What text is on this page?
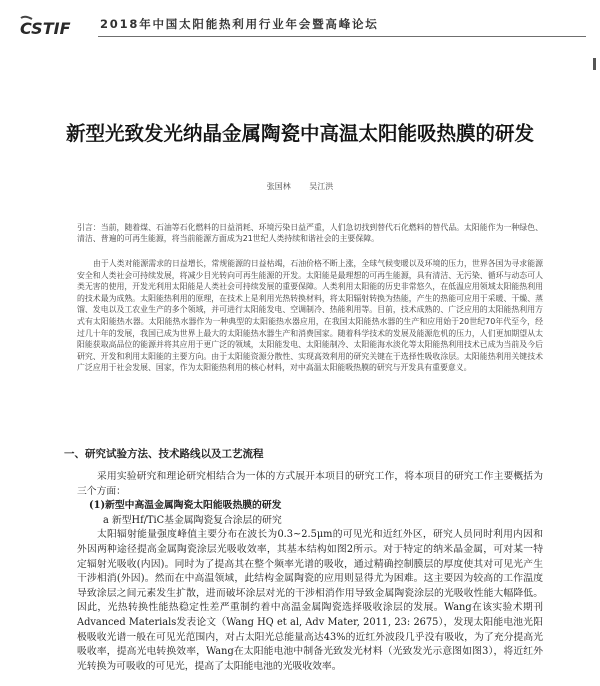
CSTIF	2018年中国太阳能热利用行业年会暨高峰论坛
新型光致发光纳晶金属陶瓷中高温太阳能吸热膜的研发
张国林 吴江洪

引言：当前，随着煤、石油等石化燃料的日益消耗、环境污染日益严重，人们急切找到替代石化燃料的替代品。太阳能作为一种绿色、清洁、普遍的可再生能源，将当前能源方面成为21世纪人类持续和谐社会的主要保障。

由于人类对能源需求的日益增长，常规能源的日益枯竭，石油价格不断上涨，全球气候变暖以及环境的压力，世界各国为寻求能源安全和人类社会可持续发展，将减少目光转向可再生能源的开发。太阳能是最理想的可再生能源，具有清洁、无污染、循环与动态可人类无害的使用，开发光利用太阳能是人类社会可持续发展的重要保障。人类利用太阳能的历史非常悠久，在低温应用领域太阳能热利用的技术最为成熟。太阳能热利用的原理，在技术上是利用光热转换材料，将太阳辐射转换为热能，产生的热能可应用于采暖、干燥、蒸馏、发电以及工农业生产的多个领域，并可进行太阳能发电、空调制冷、热能利用等。目前，技术成熟的、广泛应用的太阳能热利用方式有太阳能热水器。太阳能热水器作为一种典型的太阳能热水器应用，在我国太阳能热水器的生产和应用始于20世纪70年代至今，经过几十年的发展，我国已成为世界上最大的太阳能热水器生产和消费国家。随着科学技术的发展及能源危机的压力，人们更加期望从太阳能获取高品位的能源并将其应用于更广泛的领域，太阳能发电、太阳能制冷、太阳能海水淡化等太阳能热利用技术已成为当前及今后研究、开发和利用太阳能的主要方向。由于太阳能资源分散性、实现高效利用的研究关键在于选择性吸收涂层。太阳能热利用关键技术广泛应用于社会发展、国家，作为太阳能热利用的核心材料，对中高温太阳能吸热膜的研究与开发具有重要意义。

一、研究试验方法、技术路线以及工艺流程

采用实验研究和理论研究相结合为一体的方式展开本项目的研究工作，将本项目的研究工作主要概括为三个方面：

(1)新型中高温金属陶瓷太阳能吸热膜的研发

a 新型Hf/TiC基金属陶瓷复合涂层的研究

太阳辐射能量强度峰值主要分布在波长为0.3~2.5μm的可见光和近红外区，研究人员同时利用内因和外因两种途径提高金属陶瓷涂层光吸收效率，其基本结构如图2所示。对于特定的纳米晶金属，可对某一特定辐射光吸收(内因)。同时为了提高其在整个频率光谱的吸收，通过精确控制膜层的厚度使其对可见光产生干涉相消(外因)。然而在中高温领域，此结构金属陶瓷的应用则显得尤为困难。这主要因为较高的工作温度导致涂层之间元素发生扩散，进而破坏涂层对光的干涉相消作用导致金属陶瓷涂层的光吸收性能大幅降低。因此，光热转换性能热稳定性差严重制约着中高温金属陶瓷选择吸收涂层的发展。Wang在该实验术期刊Advanced Materials发表论文（Wang HQ et al, Adv Mater, 2011, 23: 2675），发现太阳能电池光阳极吸收光谱一般在可见光范围内，对占太阳光总能量高达43%的近红外波段几乎没有吸收，为了充分提高光吸收率，提高光电转换效率，Wang在太阳能电池中制备光致发光材料（光致发光示意图如图3），将近红外光转换为可吸收的可见光，提高了太阳能电池的光吸收效率。
